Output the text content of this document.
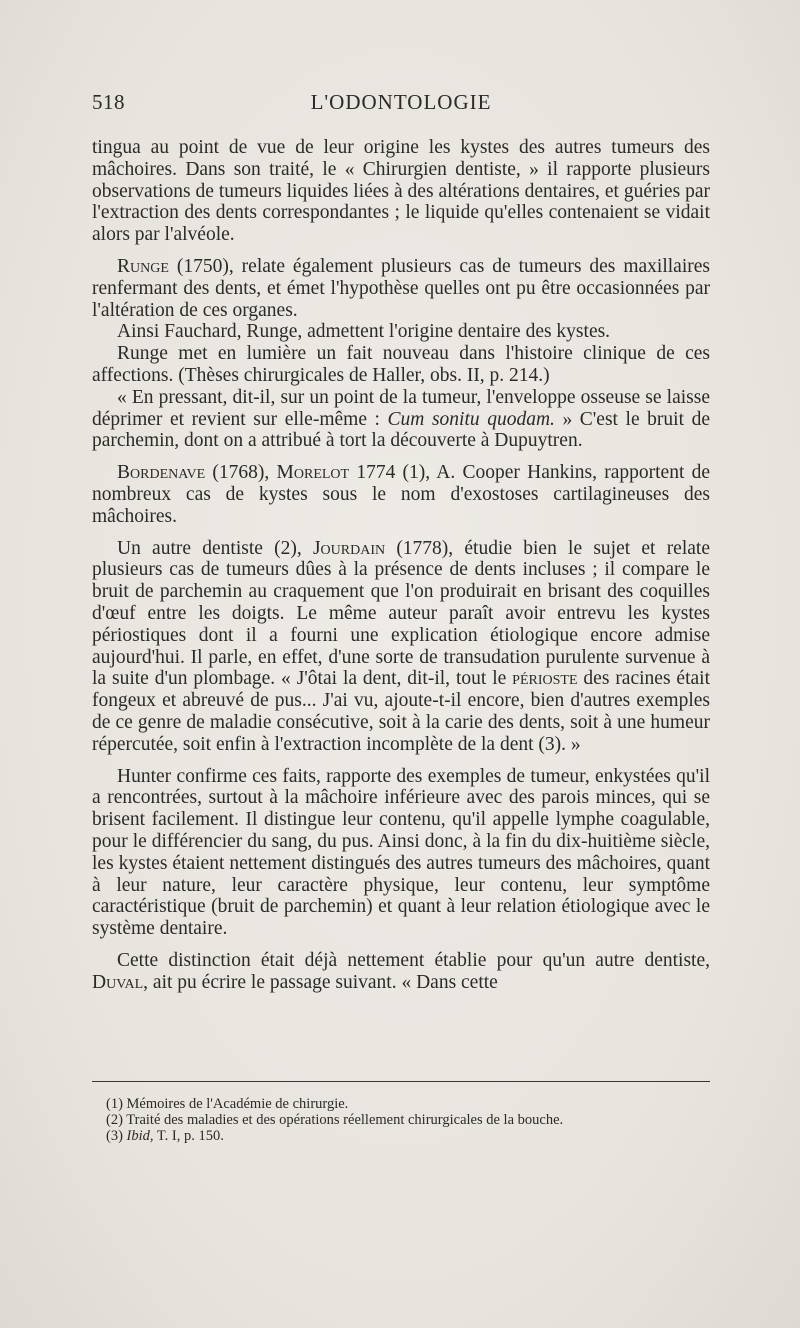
518	L'ODONTOLOGIE

tingua au point de vue de leur origine les kystes des autres tumeurs des mâchoires. Dans son traité, le « Chirurgien dentiste, » il rapporte plusieurs observations de tumeurs liquides liées à des altérations dentaires, et guéries par l'extraction des dents correspondantes ; le liquide qu'elles contenaient se vidait alors par l'alvéole.

Runge (1750), relate également plusieurs cas de tumeurs des maxillaires renfermant des dents, et émet l'hypothèse quelles ont pu être occasionnées par l'altération de ces organes.

Ainsi Fauchard, Runge, admettent l'origine dentaire des kystes.

Runge met en lumière un fait nouveau dans l'histoire clinique de ces affections. (Thèses chirurgicales de Haller, obs. II, p. 214.)

« En pressant, dit-il, sur un point de la tumeur, l'enveloppe osseuse se laisse déprimer et revient sur elle-même : Cum sonitu quodam. » C'est le bruit de parchemin, dont on a attribué à tort la découverte à Dupuytren.

Bordenave (1768), Morelot 1774 (1), A. Cooper Hankins, rapportent de nombreux cas de kystes sous le nom d'exostoses cartilagineuses des mâchoires.

Un autre dentiste (2), Jourdain (1778), étudie bien le sujet et relate plusieurs cas de tumeurs dûes à la présence de dents incluses ; il compare le bruit de parchemin au craquement que l'on produirait en brisant des coquilles d'œuf entre les doigts. Le même auteur paraît avoir entrevu les kystes périostiques dont il a fourni une explication étiologique encore admise aujourd'hui. Il parle, en effet, d'une sorte de transudation purulente survenue à la suite d'un plombage. « J'ôtai la dent, dit-il, tout le périoste des racines était fongeux et abreuvé de pus... J'ai vu, ajoute-t-il encore, bien d'autres exemples de ce genre de maladie consécutive, soit à la carie des dents, soit à une humeur répercutée, soit enfin à l'extraction incomplète de la dent (3). »

Hunter confirme ces faits, rapporte des exemples de tumeur, enkystées qu'il a rencontrées, surtout à la mâchoire inférieure avec des parois minces, qui se brisent facilement. Il distingue leur contenu, qu'il appelle lymphe coagulable, pour le différencier du sang, du pus. Ainsi donc, à la fin du dix-huitième siècle, les kystes étaient nettement distingués des autres tumeurs des mâchoires, quant à leur nature, leur caractère physique, leur contenu, leur symptôme caractéristique (bruit de parchemin) et quant à leur relation étiologique avec le système dentaire.

Cette distinction était déjà nettement établie pour qu'un autre dentiste, Duval, ait pu écrire le passage suivant. « Dans cette

(1) Mémoires de l'Académie de chirurgie.

(2) Traité des maladies et des opérations réellement chirurgicales de la bouche.

(3) Ibid, T. I, p. 150.
